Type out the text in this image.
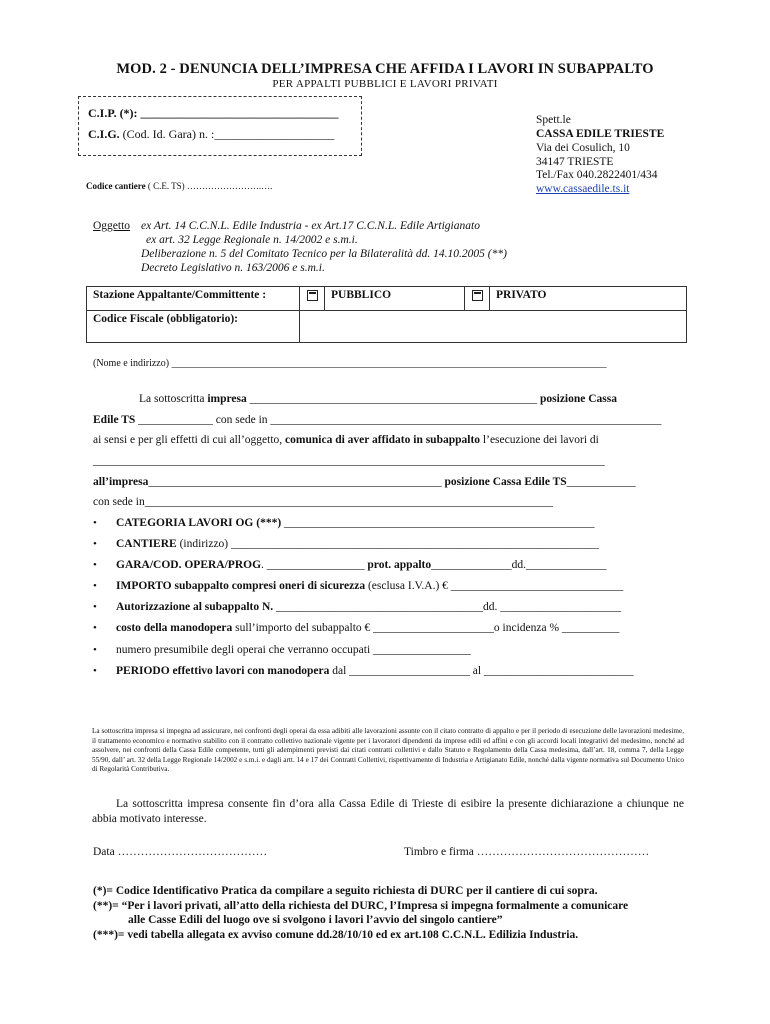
MOD. 2 - DENUNCIA DELL’IMPRESA CHE AFFIDA I LAVORI IN SUBAPPALTO
PER APPALTI PUBBLICI E LAVORI PRIVATI
C.I.P. (*): _________________________________
C.I.G. (Cod. Id. Gara) n. :____________________
Codice cantiere ( C.E. TS) …………………….….
Spett.le
CASSA EDILE TRIESTE
Via dei Cosulich, 10
34147 TRIESTE
Tel./Fax 040.2822401/434
www.cassaedile.ts.it
Oggetto ex Art. 14 C.C.N.L. Edile Industria - ex Art.17 C.C.N.L. Edile Artigianato
ex art. 32 Legge Regionale n. 14/2002 e s.m.i.
Deliberazione n. 5 del Comitato Tecnico per la Bilateralità dd. 14.10.2005 (**)
Decreto Legislativo n. 163/2006 e s.m.i.
Stazione Appaltante/Committente :		PUBBLICO		PRIVATO
Codice Fiscale (obbligatorio):				
(Nome e indirizzo) _______________________________________________________________________________________
La sottoscritta impresa __________________________________________________ posizione Cassa
Edile TS _____________ con sede in ____________________________________________________________________
ai sensi e per gli effetti di cui all’oggetto, comunica di aver affidato in subappalto l’esecuzione dei lavori di
_________________________________________________________________________________________
all’impresa___________________________________________________ posizione Cassa Edile TS____________
con sede in_______________________________________________________________________
• CATEGORIA LAVORI OG (***) ______________________________________________________
• CANTIERE (indirizzo) ________________________________________________________________
• GARA/COD. OPERA/PROG. _________________ prot. appalto______________dd.______________
• IMPORTO subappalto compresi oneri di sicurezza (esclusa I.V.A.) € ______________________________
• Autorizzazione al subappalto N. ____________________________________dd. _____________________
• costo della manodopera sull’importo del subappalto € _____________________o incidenza % __________
• numero presumibile degli operai che verranno occupati _________________
• PERIODO effettivo lavori con manodopera dal _____________________ al __________________________
La sottoscritta impresa si impegna ad assicurare, nei confronti degli operai da essa adibiti alle lavorazioni assunte con il citato contratto di appalto e per il periodo di esecuzione delle lavorazioni medesime, il trattamento economico e normativo stabilito con il contratto collettivo nazionale vigente per i lavoratori dipendenti da imprese edili ed affini e con gli accordi locali integrativi del medesimo, nonché ad assolvere, nei confronti della Cassa Edile competente, tutti gli adempimenti previsti dai citati contratti collettivi e dallo Statuto e Regolamento della Cassa medesima, dall’art. 18, comma 7, della Legge 55/90, dall’ art. 32 della Legge Regionale 14/2002 e s.m.i. e dagli artt. 14 e 17 dei Contratti Collettivi, rispettivamente di Industria e Artigianato Edile, nonché dalla vigente normativa sul Documento Unico di Regolarità Contributiva.
La sottoscritta impresa consente fin d’ora alla Cassa Edile di Trieste di esibire la presente dichiarazione a chiunque ne abbia motivato interesse.
Data …………………………………	Timbro e firma ………………………………………
(*)= Codice Identificativo Pratica da compilare a seguito richiesta di DURC per il cantiere di cui sopra.
(**)= “Per i lavori privati, all’atto della richiesta del DURC, l’Impresa si impegna formalmente a comunicare
alle Casse Edili del luogo ove si svolgono i lavori l’avvio del singolo cantiere”
(***)= vedi tabella allegata ex avviso comune dd.28/10/10 ed ex art.108 C.C.N.L. Edilizia Industria.
